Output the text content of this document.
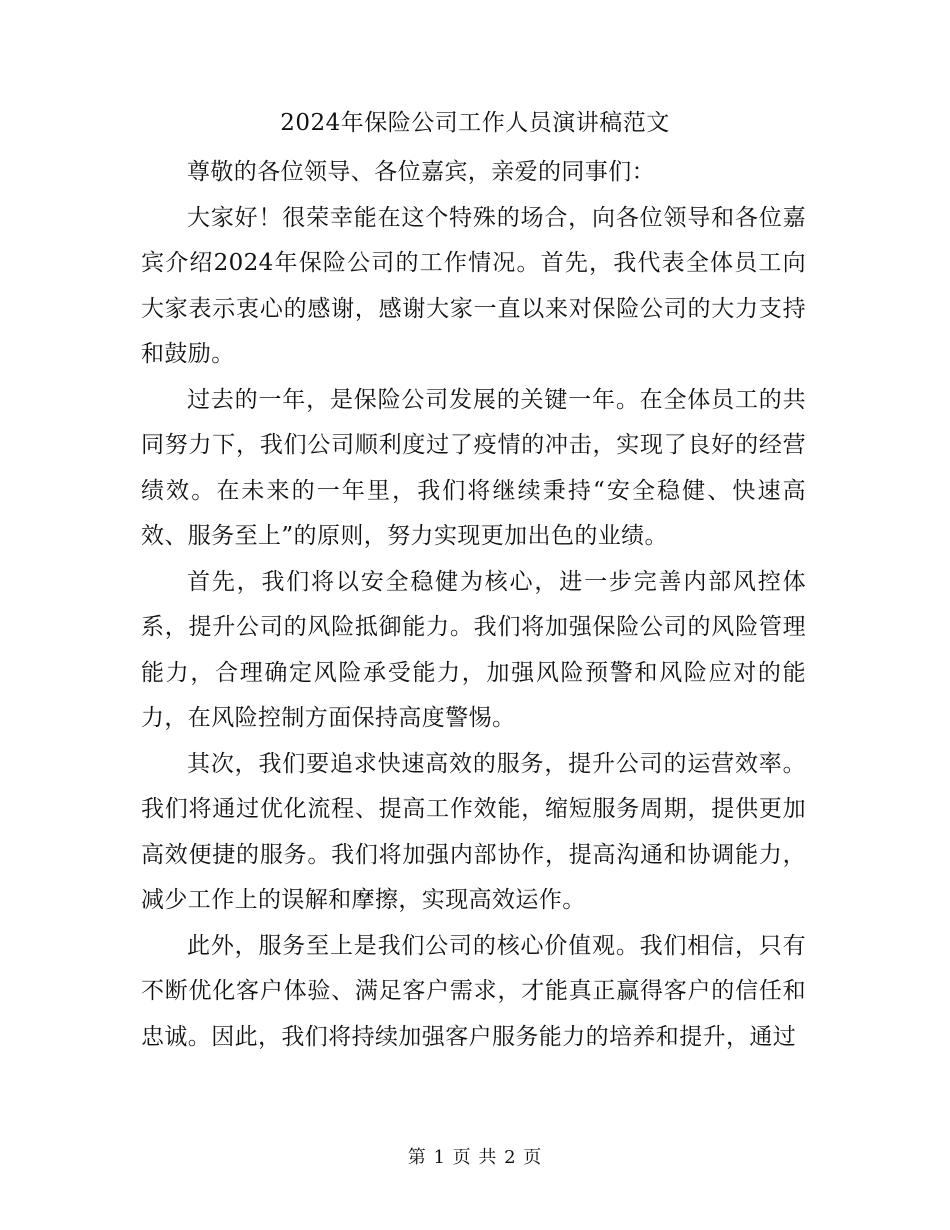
2024年保险公司工作人员演讲稿范文

尊敬的各位领导、各位嘉宾，亲爱的同事们：

大家好！很荣幸能在这个特殊的场合，向各位领导和各位嘉宾介绍2024年保险公司的工作情况。首先，我代表全体员工向大家表示衷心的感谢，感谢大家一直以来对保险公司的大力支持和鼓励。

过去的一年，是保险公司发展的关键一年。在全体员工的共同努力下，我们公司顺利度过了疫情的冲击，实现了良好的经营绩效。在未来的一年里，我们将继续秉持“安全稳健、快速高效、服务至上”的原则，努力实现更加出色的业绩。

首先，我们将以安全稳健为核心，进一步完善内部风控体系，提升公司的风险抵御能力。我们将加强保险公司的风险管理能力，合理确定风险承受能力，加强风险预警和风险应对的能力，在风险控制方面保持高度警惕。

其次，我们要追求快速高效的服务，提升公司的运营效率。我们将通过优化流程、提高工作效能，缩短服务周期，提供更加高效便捷的服务。我们将加强内部协作，提高沟通和协调能力，减少工作上的误解和摩擦，实现高效运作。

此外，服务至上是我们公司的核心价值观。我们相信，只有不断优化客户体验、满足客户需求，才能真正赢得客户的信任和忠诚。因此，我们将持续加强客户服务能力的培养和提升，通过

第 1 页 共 2 页
